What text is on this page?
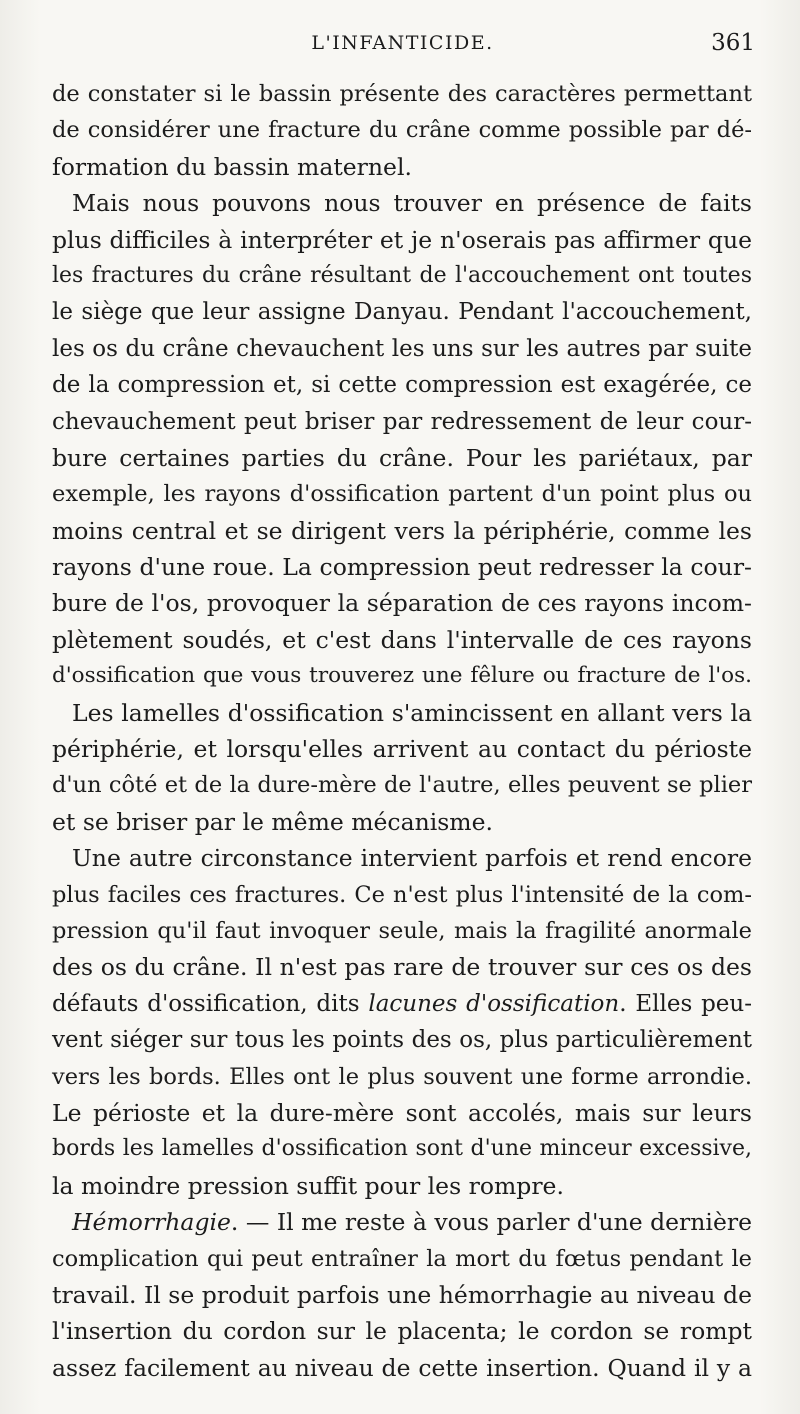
L'INFANTICIDE.	361
de constater si le bassin présente des caractères permettant
de considérer une fracture du crâne comme possible par dé-
formation du bassin maternel.
Mais nous pouvons nous trouver en présence de faits
plus difficiles à interpréter et je n'oserais pas affirmer que
les fractures du crâne résultant de l'accouchement ont toutes
le siège que leur assigne Danyau. Pendant l'accouchement,
les os du crâne chevauchent les uns sur les autres par suite
de la compression et, si cette compression est exagérée, ce
chevauchement peut briser par redressement de leur cour-
bure certaines parties du crâne. Pour les pariétaux, par
exemple, les rayons d'ossification partent d'un point plus ou
moins central et se dirigent vers la périphérie, comme les
rayons d'une roue. La compression peut redresser la cour-
bure de l'os, provoquer la séparation de ces rayons incom-
plètement soudés, et c'est dans l'intervalle de ces rayons
d'ossification que vous trouverez une fêlure ou fracture de l'os.
Les lamelles d'ossification s'amincissent en allant vers la
périphérie, et lorsqu'elles arrivent au contact du périoste
d'un côté et de la dure-mère de l'autre, elles peuvent se plier
et se briser par le même mécanisme.
Une autre circonstance intervient parfois et rend encore
plus faciles ces fractures. Ce n'est plus l'intensité de la com-
pression qu'il faut invoquer seule, mais la fragilité anormale
des os du crâne. Il n'est pas rare de trouver sur ces os des
défauts d'ossification, dits lacunes d'ossification. Elles peu-
vent siéger sur tous les points des os, plus particulièrement
vers les bords. Elles ont le plus souvent une forme arrondie.
Le périoste et la dure-mère sont accolés, mais sur leurs
bords les lamelles d'ossification sont d'une minceur excessive,
la moindre pression suffit pour les rompre.
Hémorrhagie. — Il me reste à vous parler d'une dernière
complication qui peut entraîner la mort du fœtus pendant le
travail. Il se produit parfois une hémorrhagie au niveau de
l'insertion du cordon sur le placenta; le cordon se rompt
assez facilement au niveau de cette insertion. Quand il y a
